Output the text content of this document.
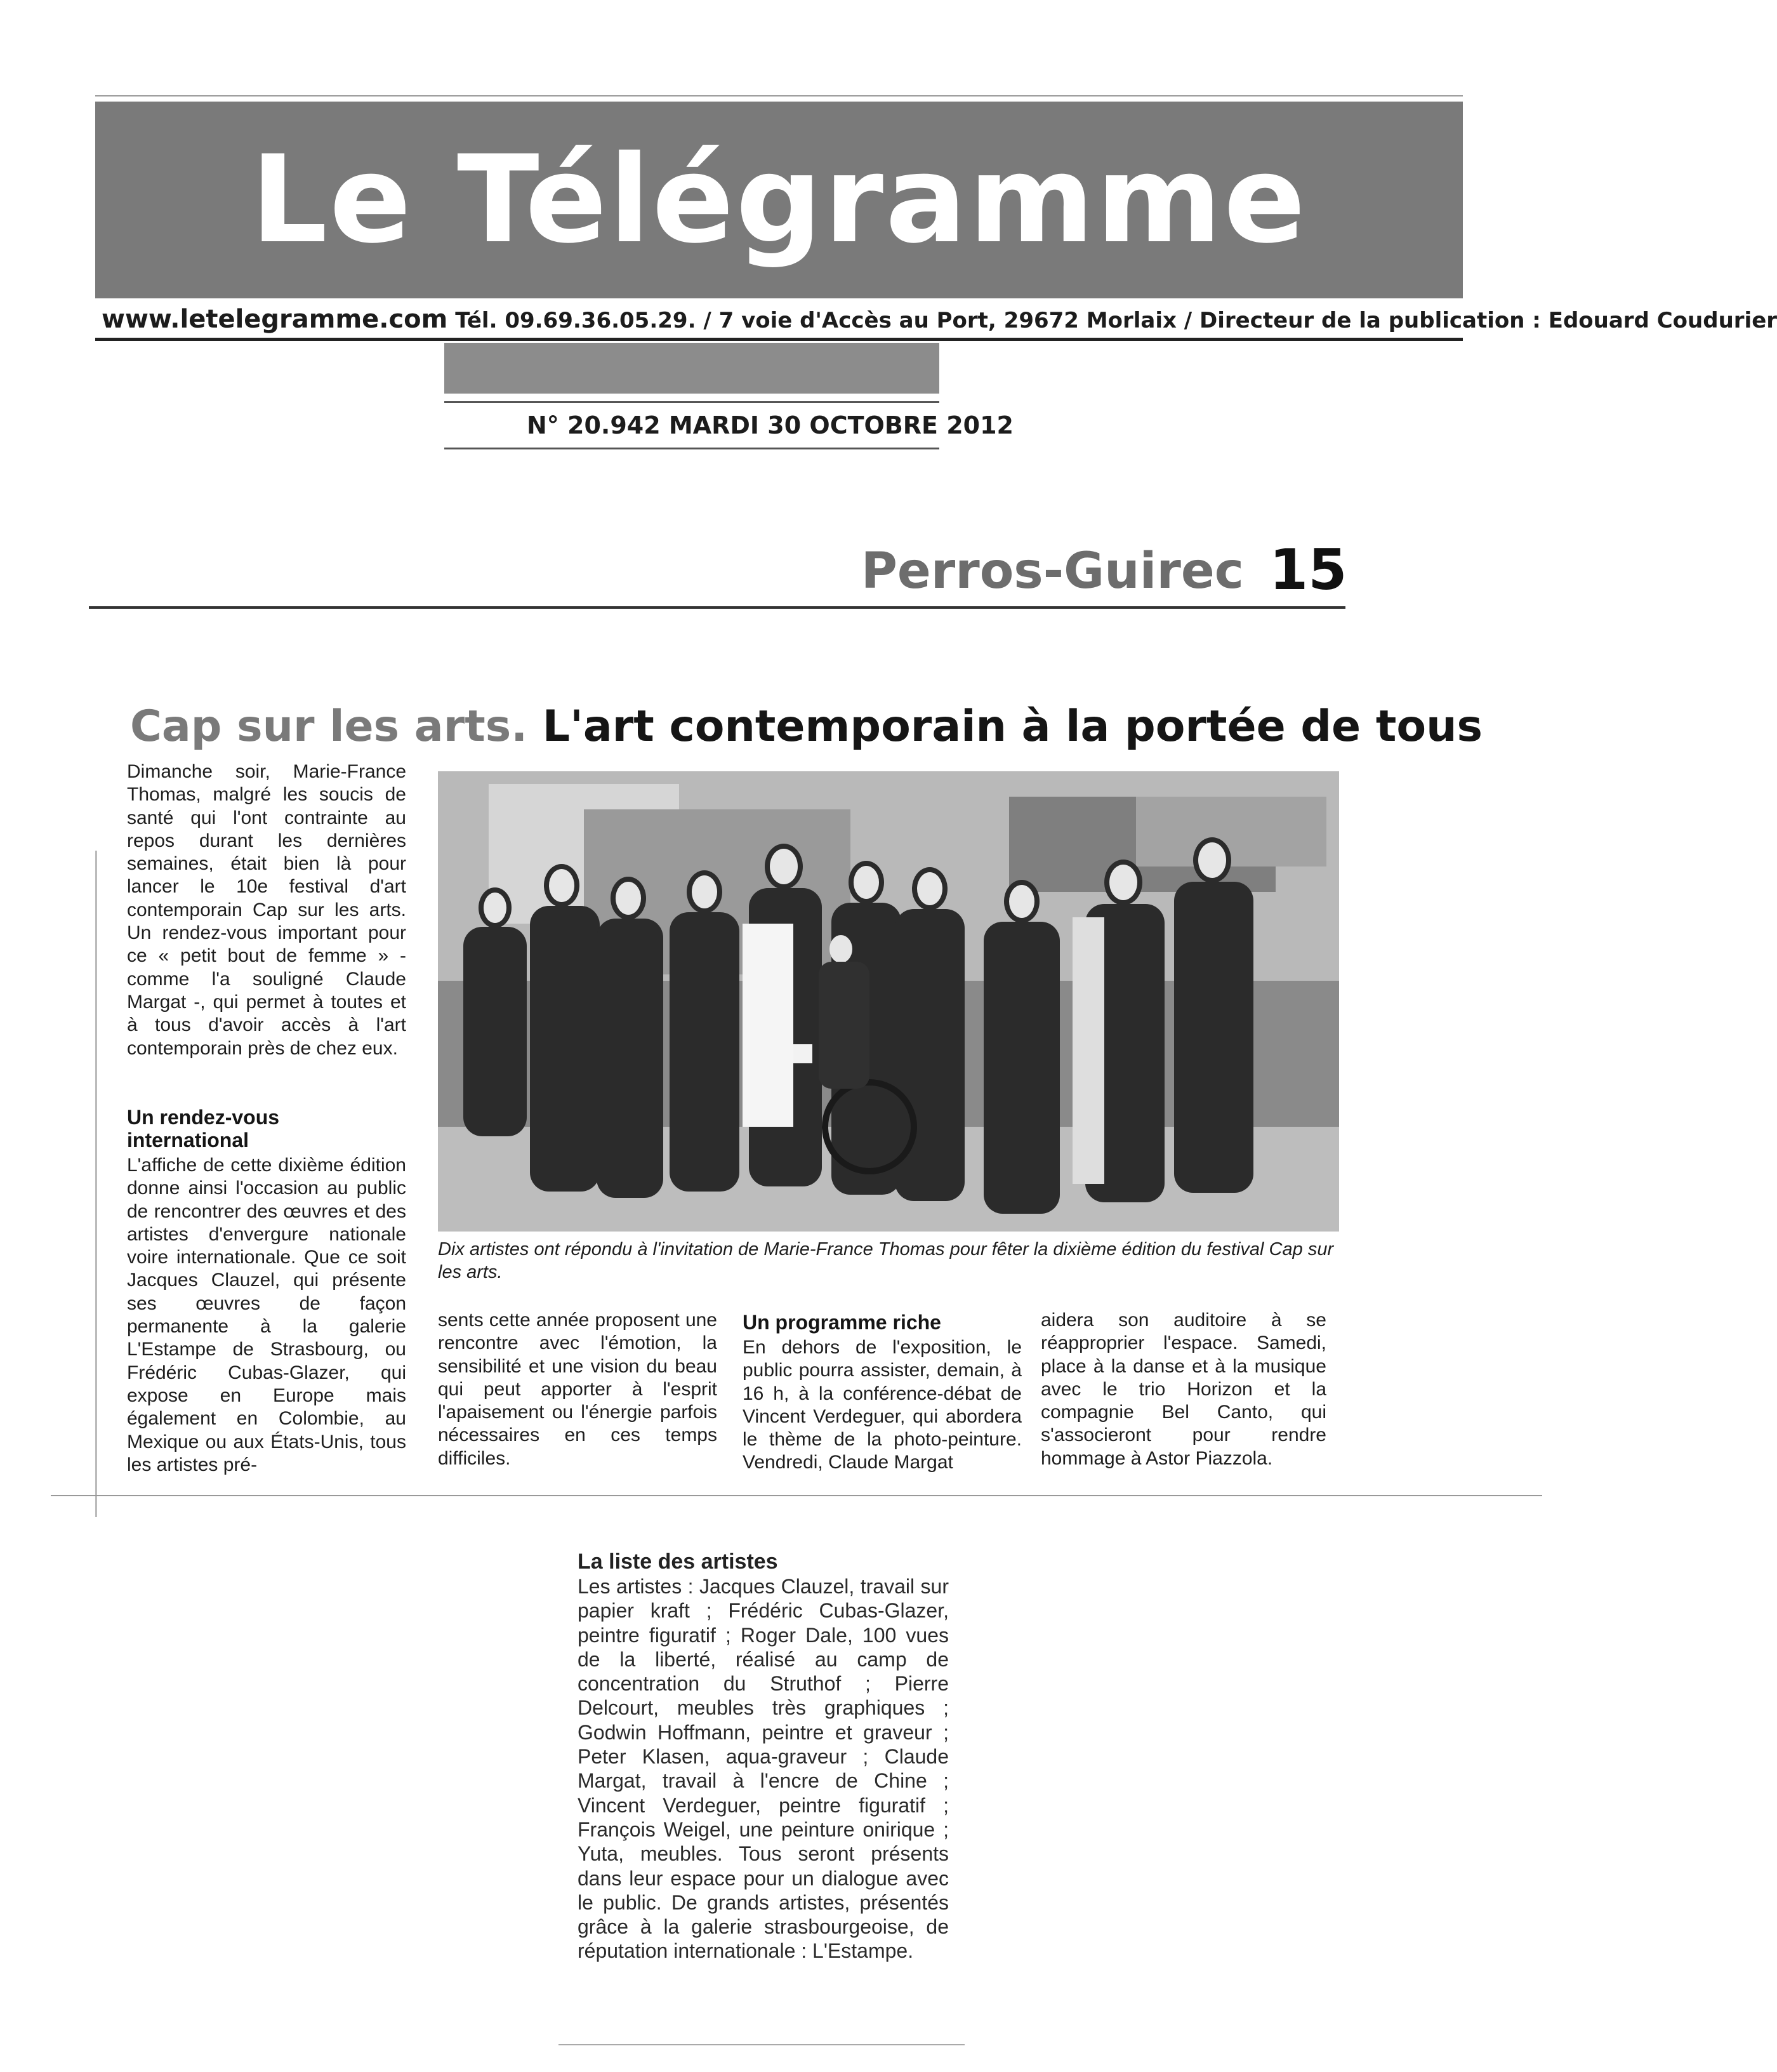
Le Télégramme
www.letelegramme.com Tél. 09.69.36.05.29. / 7 voie d'Accès au Port, 29672 Morlaix / Directeur de la publication : Edouard Coudurier
N° 20.942 MARDI 30 OCTOBRE 2012
Perros-Guirec 15
Cap sur les arts. L'art contemporain à la portée de tous

Dimanche soir, Marie-France Thomas, malgré les soucis de santé qui l'ont contrainte au repos durant les dernières semaines, était bien là pour lancer le 10e festival d'art contemporain Cap sur les arts. Un rendez-vous important pour ce « petit bout de femme » - comme l'a souligné Claude Margat -, qui permet à toutes et à tous d'avoir accès à l'art contemporain près de chez eux.

Un rendez-vous international

L'affiche de cette dixième édition donne ainsi l'occasion au public de rencontrer des œuvres et des artistes d'envergure nationale voire internationale. Que ce soit Jacques Clauzel, qui présente ses œuvres de façon permanente à la galerie L'Estampe de Strasbourg, ou Frédéric Cubas-Glazer, qui expose en Europe mais également en Colombie, au Mexique ou aux États-Unis, tous les artistes pré-

Dix artistes ont répondu à l'invitation de Marie-France Thomas pour fêter la dixième édition du festival Cap sur les arts.

sents cette année proposent une rencontre avec l'émotion, la sensibilité et une vision du beau qui peut apporter à l'esprit l'apaisement ou l'énergie parfois nécessaires en ces temps difficiles.

Un programme riche

En dehors de l'exposition, le public pourra assister, demain, à 16 h, à la conférence-débat de Vincent Verdeguer, qui abordera le thème de la photo-peinture. Vendredi, Claude Margat

aidera son auditoire à se réapproprier l'espace. Samedi, place à la danse et à la musique avec le trio Horizon et la compagnie Bel Canto, qui s'associeront pour rendre hommage à Astor Piazzola.

La liste des artistes
Les artistes : Jacques Clauzel, travail sur papier kraft ; Frédéric Cubas-Glazer, peintre figuratif ; Roger Dale, 100 vues de la liberté, réalisé au camp de concentration du Struthof ; Pierre Delcourt, meubles très graphiques ; Godwin Hoffmann, peintre et graveur ; Peter Klasen, aqua-graveur ; Claude Margat, travail à l'encre de Chine ; Vincent Verdeguer, peintre figuratif ; François Weigel, une peinture onirique ; Yuta, meubles. Tous seront présents dans leur espace pour un dialogue avec le public. De grands artistes, présentés grâce à la galerie strasbourgeoise, de réputation internationale : L'Estampe.
